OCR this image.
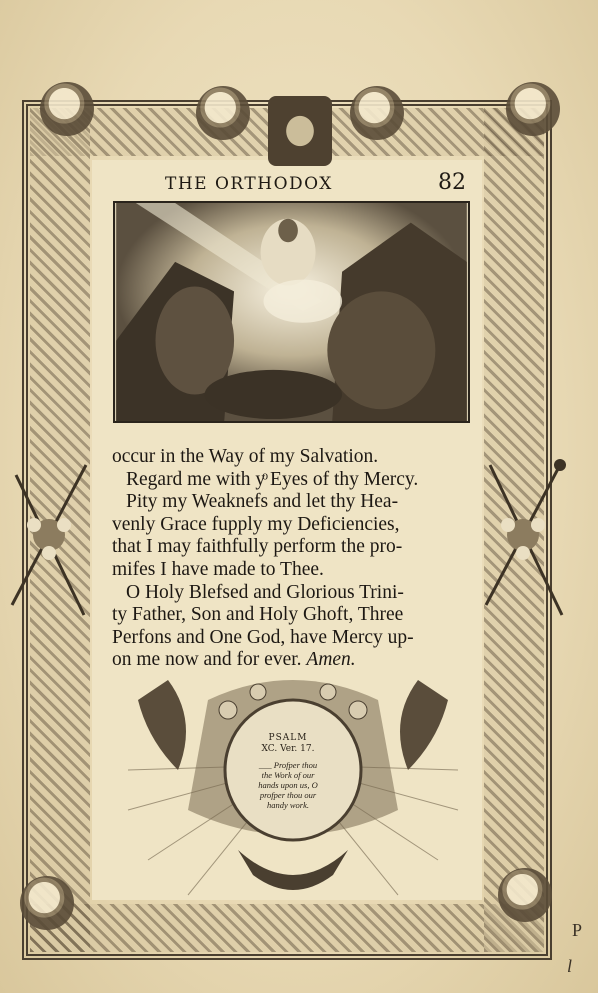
THE ORTHODOX	82
occur in the Way of my Salvation.
Regard me with yͦ Eyes of thy Mercy.
Pity my Weaknefs and let thy Hea-
venly Grace fupply my Deficiencies,
that I may faithfully perform the pro-
mifes I have made to Thee.
O Holy Blefsed and Glorious Trini-
ty Father, Son and Holy Ghoft, Three
Perfons and One God, have Mercy up-
on me now and for ever. Amen.
PSALM
XC. Ver. 17.
___ Profper thou
the Work of our
hands upon us, O
profper thou our
handy work.
P
l
